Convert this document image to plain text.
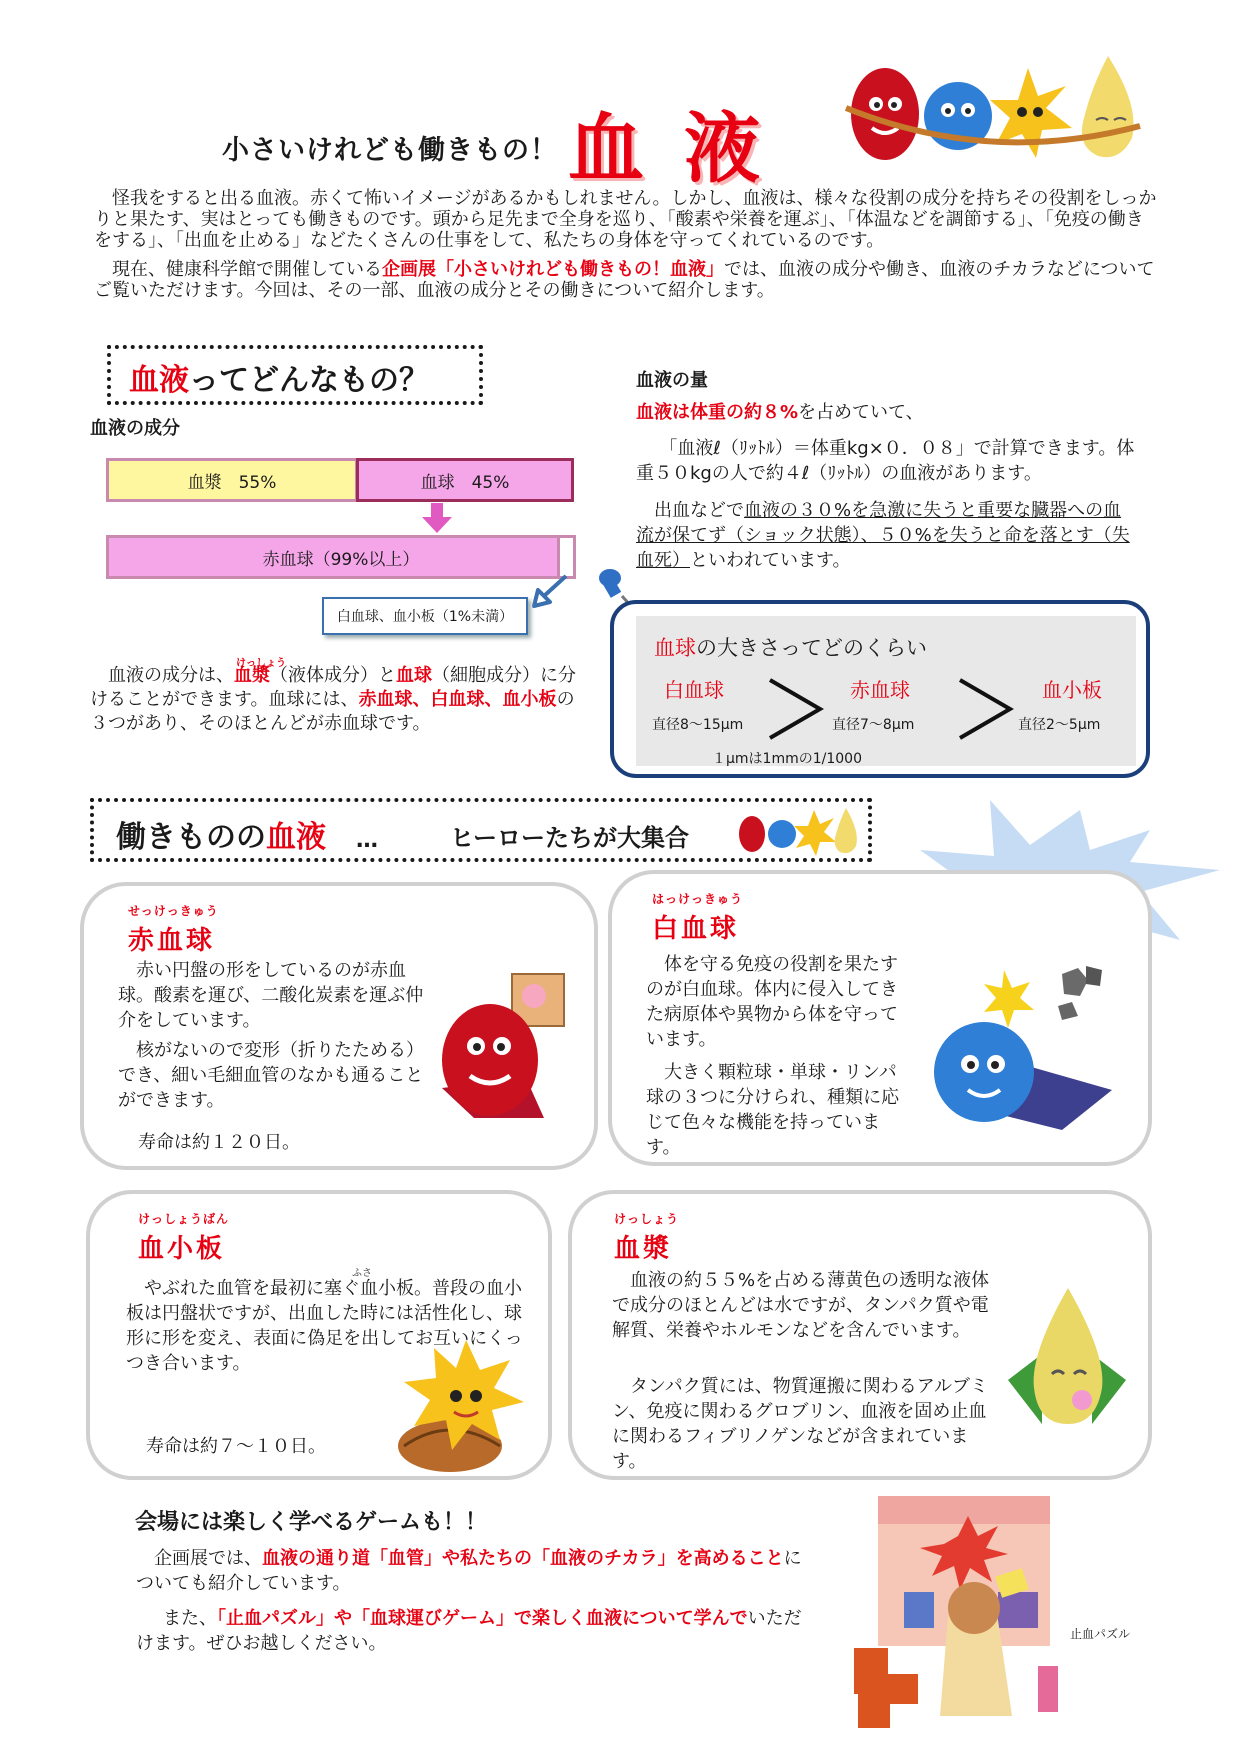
小さいけれども働きもの！ 血液

怪我をすると出る血液。赤くて怖いイメージがあるかもしれません。しかし、血液は、様々な役割の成分を持ちその役割をしっかりと果たす、実はとっても働きものです。頭から足先まで全身を巡り、「酸素や栄養を運ぶ」、「体温などを調節する」、「免疫の働きをする」、「出血を止める」などたくさんの仕事をして、私たちの身体を守ってくれているのです。

現在、健康科学館で開催している企画展「小さいけれども働きもの！血液」では、血液の成分や働き、血液のチカラなどについてご覧いただけます。今回は、その一部、血液の成分とその働きについて紹介します。

血液ってどんなもの？
血液の成分
血漿　55%	血球　45%
赤血球（99%以上）
白血球、血小板（1%未満）

血液の成分は、
けっしょう
血漿（液体成分）と血球（細胞成分）に分けることができます。血球には、赤血球、白血球、血小板の３つがあり、そのほとんどが赤血球です。

血液の量

血液は体重の約８%を占めていて、

「血液ℓ（ﾘｯﾄﾙ）＝体重kg×０．０８」で計算できます。体重５０kgの人で約４ℓ（ﾘｯﾄﾙ）の血液があります。

出血などで血液の３０%を急激に失うと重要な臓器への血流が保てず（ショック状態）、５０%を失うと命を落とす（失血死）といわれています。

血球の大きさってどのくらい
白血球
直径8～15μm
赤血球
直径7～8μm
血小板
直径2～5μm
１μmは1mmの1/1000
働きものの血液 …	ヒーローたちが大集合
せっけっきゅう
赤血球

赤い円盤の形をしているのが赤血球。酸素を運び、二酸化炭素を運ぶ仲介をしています。

核がないので変形（折りたためる）でき、細い毛細血管のなかも通ることができます。

寿命は約１２０日。

はっけっきゅう
白血球

体を守る免疫の役割を果たすのが白血球。体内に侵入してきた病原体や異物から体を守っています。

大きく顆粒球・単球・リンパ球の３つに分けられ、種類に応じて色々な機能を持っています。

けっしょうばん
血小板
ふさ

やぶれた血管を最初に塞ぐ血小板。普段の血小板は円盤状ですが、出血した時には活性化し、球形に形を変え、表面に偽足を出してお互いにくっつき合います。

寿命は約７～１０日。

けっしょう
血漿

血液の約５５%を占める薄黄色の透明な液体で成分のほとんどは水ですが、タンパク質や電解質、栄養やホルモンなどを含んでいます。

タンパク質には、物質運搬に関わるアルブミン、免疫に関わるグロブリン、血液を固め止血に関わるフィブリノゲンなどが含まれています。

会場には楽しく学べるゲームも！！

企画展では、血液の通り道「血管」や私たちの「血液のチカラ」を高めることについても紹介しています。

また、「止血パズル」や「血球運びゲーム」で楽しく血液について学んでいただけます。ぜひお越しください。	止血パズル
